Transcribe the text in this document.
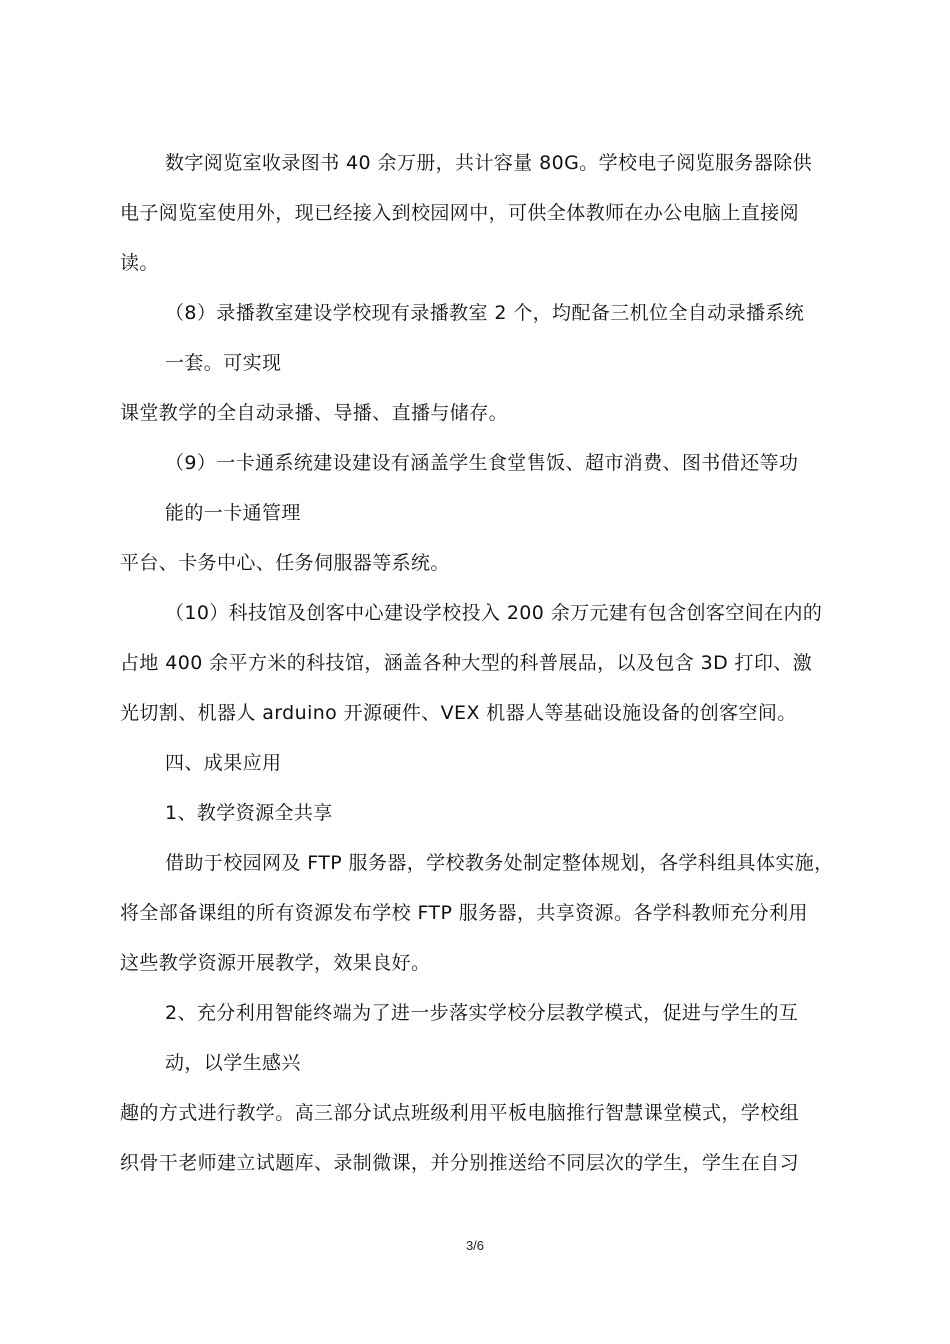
数字阅览室收录图书 40 余万册，共计容量 80G。学校电子阅览服务器除供
电子阅览室使用外，现已经接入到校园网中，可供全体教师在办公电脑上直接阅
读。
（8）录播教室建设学校现有录播教室 2 个，均配备三机位全自动录播系统
一套。可实现
课堂教学的全自动录播、导播、直播与储存。
（9）一卡通系统建设建设有涵盖学生食堂售饭、超市消费、图书借还等功
能的一卡通管理
平台、卡务中心、任务伺服器等系统。
（10）科技馆及创客中心建设学校投入 200 余万元建有包含创客空间在内的
占地 400 余平方米的科技馆，涵盖各种大型的科普展品，以及包含 3D 打印、激
光切割、机器人 arduino 开源硬件、VEX 机器人等基础设施设备的创客空间。
四、成果应用
1、教学资源全共享
借助于校园网及 FTP 服务器，学校教务处制定整体规划，各学科组具体实施，
将全部备课组的所有资源发布学校 FTP 服务器，共享资源。各学科教师充分利用
这些教学资源开展教学，效果良好。
2、充分利用智能终端为了进一步落实学校分层教学模式，促进与学生的互
动，以学生感兴
趣的方式进行教学。高三部分试点班级利用平板电脑推行智慧课堂模式，学校组
织骨干老师建立试题库、录制微课，并分别推送给不同层次的学生，学生在自习
3/6
